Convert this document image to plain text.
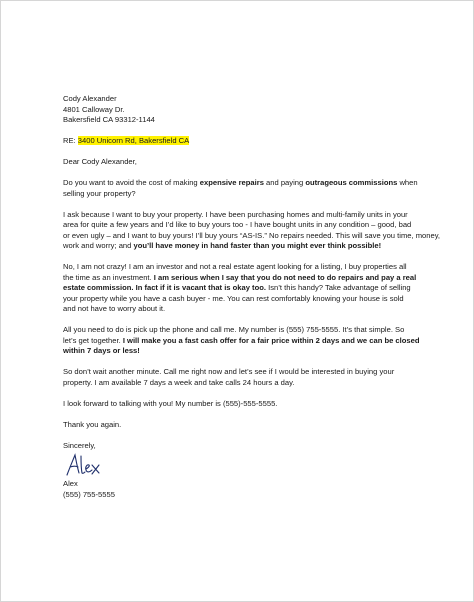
Cody Alexander
4801 Calloway Dr.
Bakersfield CA 93312-1144
RE: 3400 Unicorn Rd, Bakersfield CA
Dear Cody Alexander,
Do you want to avoid the cost of making expensive repairs and paying outrageous commissions when
selling your property?
I ask because I want to buy your property. I have been purchasing homes and multi-family units in your
area for quite a few years and I’d like to buy yours too - I have bought units in any condition – good, bad
or even ugly – and I want to buy yours! I’ll buy yours “AS-IS.” No repairs needed. This will save you time, money,
work and worry; and you’ll have money in hand faster than you might ever think possible!
No, I am not crazy! I am an investor and not a real estate agent looking for a listing, I buy properties all
the time as an investment. I am serious when I say that you do not need to do repairs and pay a real
estate commission. In fact if it is vacant that is okay too. Isn’t this handy? Take advantage of selling
your property while you have a cash buyer - me. You can rest comfortably knowing your house is sold
and not have to worry about it.
All you need to do is pick up the phone and call me. My number is (555) 755-5555. It’s that simple. So
let’s get together. I will make you a fast cash offer for a fair price within 2 days and we can be closed
within 7 days or less!
So don’t wait another minute. Call me right now and let’s see if I would be interested in buying your
property. I am available 7 days a week and take calls 24 hours a day.
I look forward to talking with you! My number is (555)-555-5555.
Thank you again.
Sincerely,
Alex
(555) 755-5555
